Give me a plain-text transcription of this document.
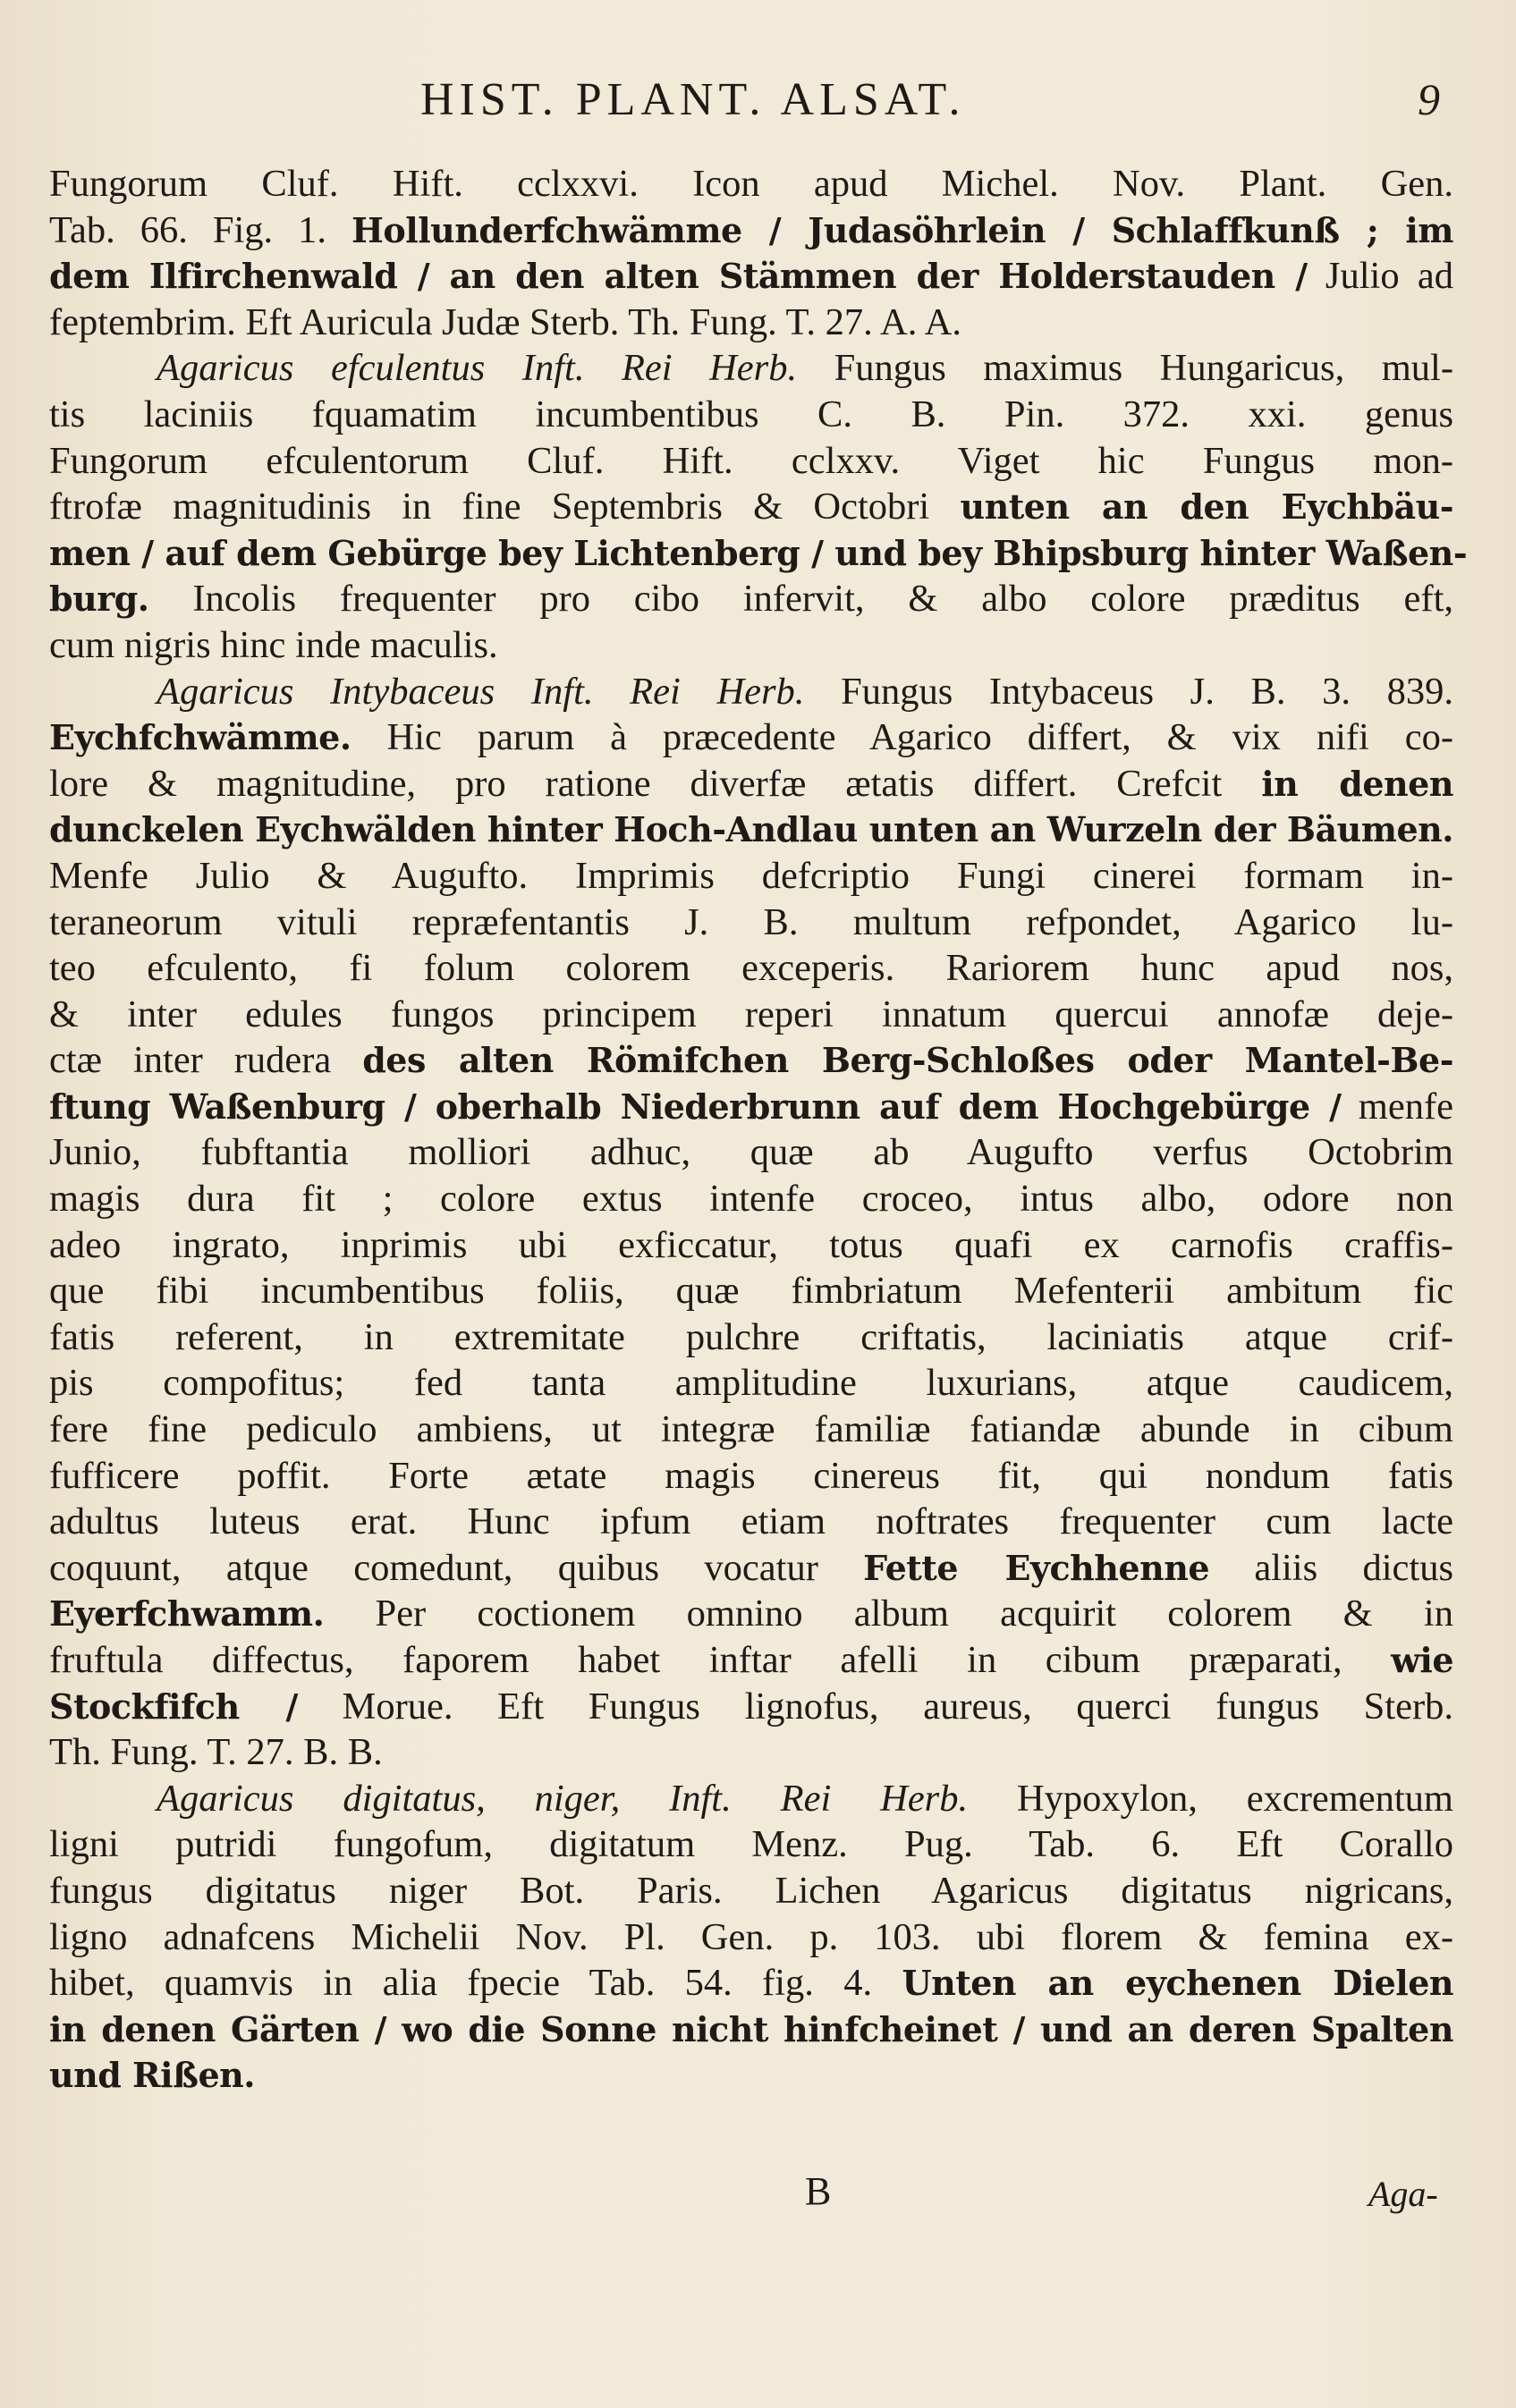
HIST. PLANT. ALSAT.	9
Fungorum Cluf. Hift. cclxxvi. Icon apud Michel. Nov. Plant. Gen.
Tab. 66. Fig. 1. Hollunderfchwämme / Judasöhrlein / Schlaffkunß ; im
dem Ilfirchenwald / an den alten Stämmen der Holderstauden / Julio ad
feptembrim. Eft Auricula Judæ Sterb. Th. Fung. T. 27. A. A.
Agaricus efculentus Inft. Rei Herb. Fungus maximus Hungaricus, mul-
tis laciniis fquamatim incumbentibus C. B. Pin. 372. xxi. genus
Fungorum efculentorum Cluf. Hift. cclxxv. Viget hic Fungus mon-
ftrofæ magnitudinis in fine Septembris & Octobri unten an den Eychbäu-
men / auf dem Gebürge bey Lichtenberg / und bey Bhipsburg hinter Waßen-
burg. Incolis frequenter pro cibo infervit, & albo colore præditus eft,
cum nigris hinc inde maculis.
Agaricus Intybaceus Inft. Rei Herb. Fungus Intybaceus J. B. 3. 839.
Eychfchwämme. Hic parum à præcedente Agarico differt, & vix nifi co-
lore & magnitudine, pro ratione diverfæ ætatis differt. Crefcit in denen
dunckelen Eychwälden hinter Hoch-Andlau unten an Wurzeln der Bäumen.
Menfe Julio & Augufto. Imprimis defcriptio Fungi cinerei formam in-
teraneorum vituli repræfentantis J. B. multum refpondet, Agarico lu-
teo efculento, fi folum colorem exceperis. Rariorem hunc apud nos,
& inter edules fungos principem reperi innatum quercui annofæ deje-
ctæ inter rudera des alten Römifchen Berg-Schloßes oder Mantel-Be-
ftung Waßenburg / oberhalb Niederbrunn auf dem Hochgebürge / menfe
Junio, fubftantia molliori adhuc, quæ ab Augufto verfus Octobrim
magis dura fit ; colore extus intenfe croceo, intus albo, odore non
adeo ingrato, inprimis ubi exficcatur, totus quafi ex carnofis craffis-
que fibi incumbentibus foliis, quæ fimbriatum Mefenterii ambitum fic
fatis referent, in extremitate pulchre criftatis, laciniatis atque crif-
pis compofitus; fed tanta amplitudine luxurians, atque caudicem,
fere fine pediculo ambiens, ut integræ familiæ fatiandæ abunde in cibum
fufficere poffit. Forte ætate magis cinereus fit, qui nondum fatis
adultus luteus erat. Hunc ipfum etiam noftrates frequenter cum lacte
coquunt, atque comedunt, quibus vocatur Fette Eychhenne aliis dictus
Eyerfchwamm. Per coctionem omnino album acquirit colorem & in
fruftula diffectus, faporem habet inftar afelli in cibum præparati, wie
Stockfifch / Morue. Eft Fungus lignofus, aureus, querci fungus Sterb.
Th. Fung. T. 27. B. B.
Agaricus digitatus, niger, Inft. Rei Herb. Hypoxylon, excrementum
ligni putridi fungofum, digitatum Menz. Pug. Tab. 6. Eft Corallo
fungus digitatus niger Bot. Paris. Lichen Agaricus digitatus nigricans,
ligno adnafcens Michelii Nov. Pl. Gen. p. 103. ubi florem & femina ex-
hibet, quamvis in alia fpecie Tab. 54. fig. 4. Unten an eychenen Dielen
in denen Gärten / wo die Sonne nicht hinfcheinet / und an deren Spalten
und Rißen.
B	Aga-
